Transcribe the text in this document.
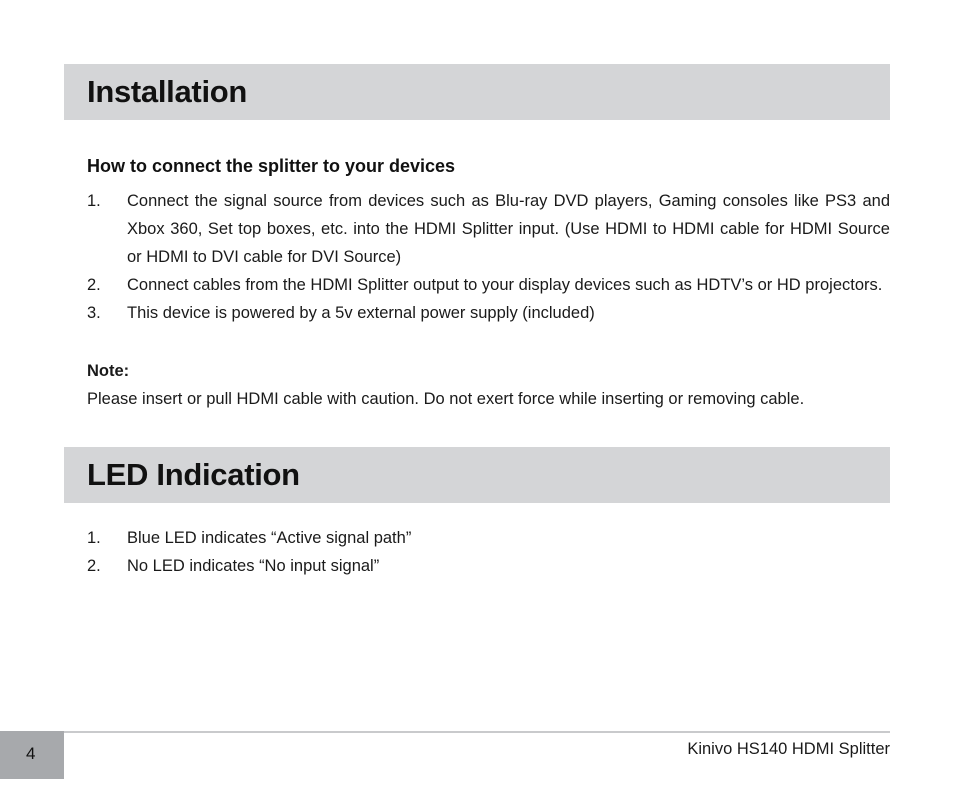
Installation
How to connect the splitter to your devices
1. Connect the signal source from devices such as Blu-ray DVD players, Gaming consoles like PS3 and Xbox 360, Set top boxes, etc. into the HDMI Splitter input. (Use HDMI to HDMI cable for HDMI Source or HDMI to DVI cable for DVI Source)
2. Connect cables from the HDMI Splitter output to your display devices such as HDTV’s or HD projectors.
3. This device is powered by a 5v external power supply (included)
Note:
Please insert or pull HDMI cable with caution. Do not exert force while inserting or removing cable.
LED Indication
1. Blue LED indicates “Active signal path”
2. No LED indicates “No input signal”
4	Kinivo HS140 HDMI Splitter
